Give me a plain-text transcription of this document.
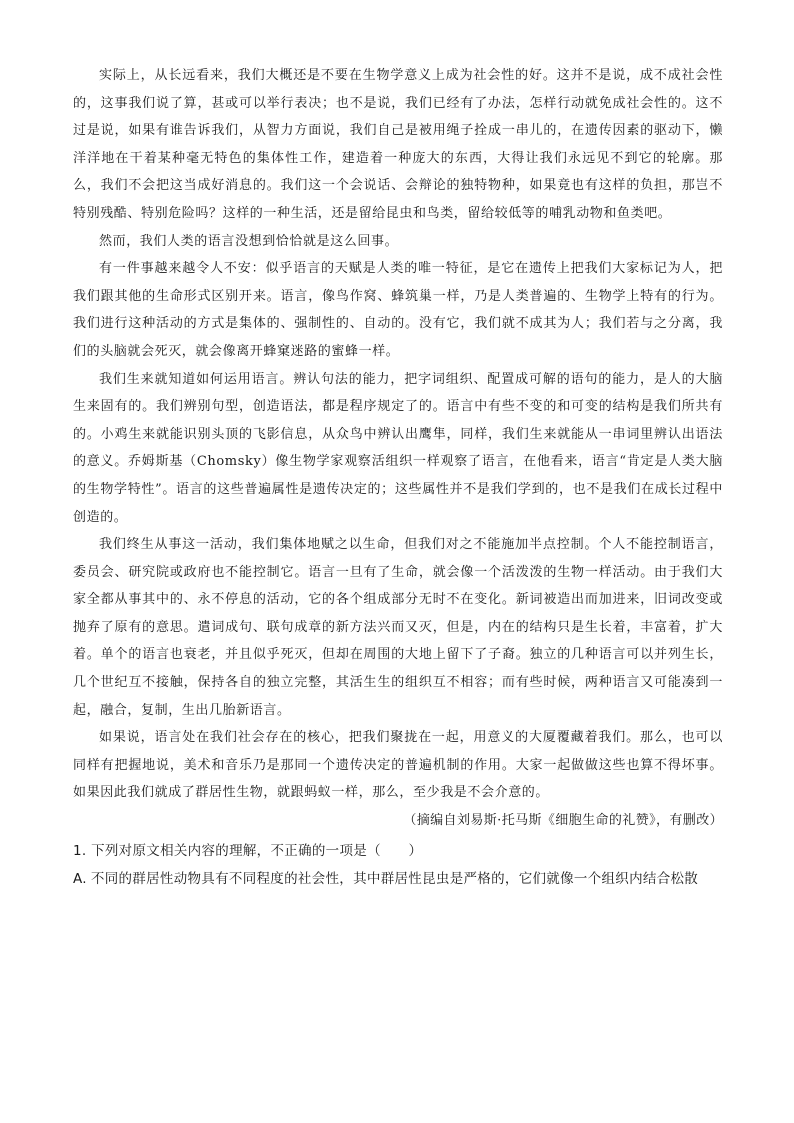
实际上，从长远看来，我们大概还是不要在生物学意义上成为社会性的好。这并不是说，成不成社会性的，这事我们说了算，甚或可以举行表决；也不是说，我们已经有了办法，怎样行动就免成社会性的。这不过是说，如果有谁告诉我们，从智力方面说，我们自己是被用绳子拴成一串儿的，在遗传因素的驱动下，懒洋洋地在干着某种毫无特色的集体性工作，建造着一种庞大的东西，大得让我们永远见不到它的轮廓。那么，我们不会把这当成好消息的。我们这一个会说话、会辩论的独特物种，如果竟也有这样的负担，那岂不特别残酷、特别危险吗？这样的一种生活，还是留给昆虫和鸟类，留给较低等的哺乳动物和鱼类吧。

然而，我们人类的语言没想到恰恰就是这么回事。

有一件事越来越令人不安：似乎语言的天赋是人类的唯一特征，是它在遗传上把我们大家标记为人，把我们跟其他的生命形式区别开来。语言，像鸟作窝、蜂筑巢一样，乃是人类普遍的、生物学上特有的行为。我们进行这种活动的方式是集体的、强制性的、自动的。没有它，我们就不成其为人；我们若与之分离，我们的头脑就会死灭，就会像离开蜂窠迷路的蜜蜂一样。

我们生来就知道如何运用语言。辨认句法的能力，把字词组织、配置成可解的语句的能力，是人的大脑生来固有的。我们辨别句型，创造语法，都是程序规定了的。语言中有些不变的和可变的结构是我们所共有的。小鸡生来就能识别头顶的飞影信息，从众鸟中辨认出鹰隼，同样，我们生来就能从一串词里辨认出语法的意义。乔姆斯基（Chomsky）像生物学家观察活组织一样观察了语言，在他看来，语言“肯定是人类大脑的生物学特性”。语言的这些普遍属性是遗传决定的；这些属性并不是我们学到的，也不是我们在成长过程中创造的。

我们终生从事这一活动，我们集体地赋之以生命，但我们对之不能施加半点控制。个人不能控制语言，委员会、研究院或政府也不能控制它。语言一旦有了生命，就会像一个活泼泼的生物一样活动。由于我们大家全都从事其中的、永不停息的活动，它的各个组成部分无时不在变化。新词被造出而加进来，旧词改变或抛弃了原有的意思。遣词成句、联句成章的新方法兴而又灭，但是，内在的结构只是生长着，丰富着，扩大着。单个的语言也衰老，并且似乎死灭，但却在周围的大地上留下了子裔。独立的几种语言可以并列生长，几个世纪互不接触，保持各自的独立完整，其活生生的组织互不相容；而有些时候，两种语言又可能凑到一起，融合，复制，生出几胎新语言。

如果说，语言处在我们社会存在的核心，把我们聚拢在一起，用意义的大厦覆藏着我们。那么，也可以同样有把握地说，美术和音乐乃是那同一个遗传决定的普遍机制的作用。大家一起做做这些也算不得坏事。如果因此我们就成了群居性生物，就跟蚂蚁一样，那么，至少我是不会介意的。

（摘编自刘易斯·托马斯《细胞生命的礼赞》，有删改）

1. 下列对原文相关内容的理解，不正确的一项是（　　）

A. 不同的群居性动物具有不同程度的社会性，其中群居性昆虫是严格的，它们就像一个组织内结合松散
